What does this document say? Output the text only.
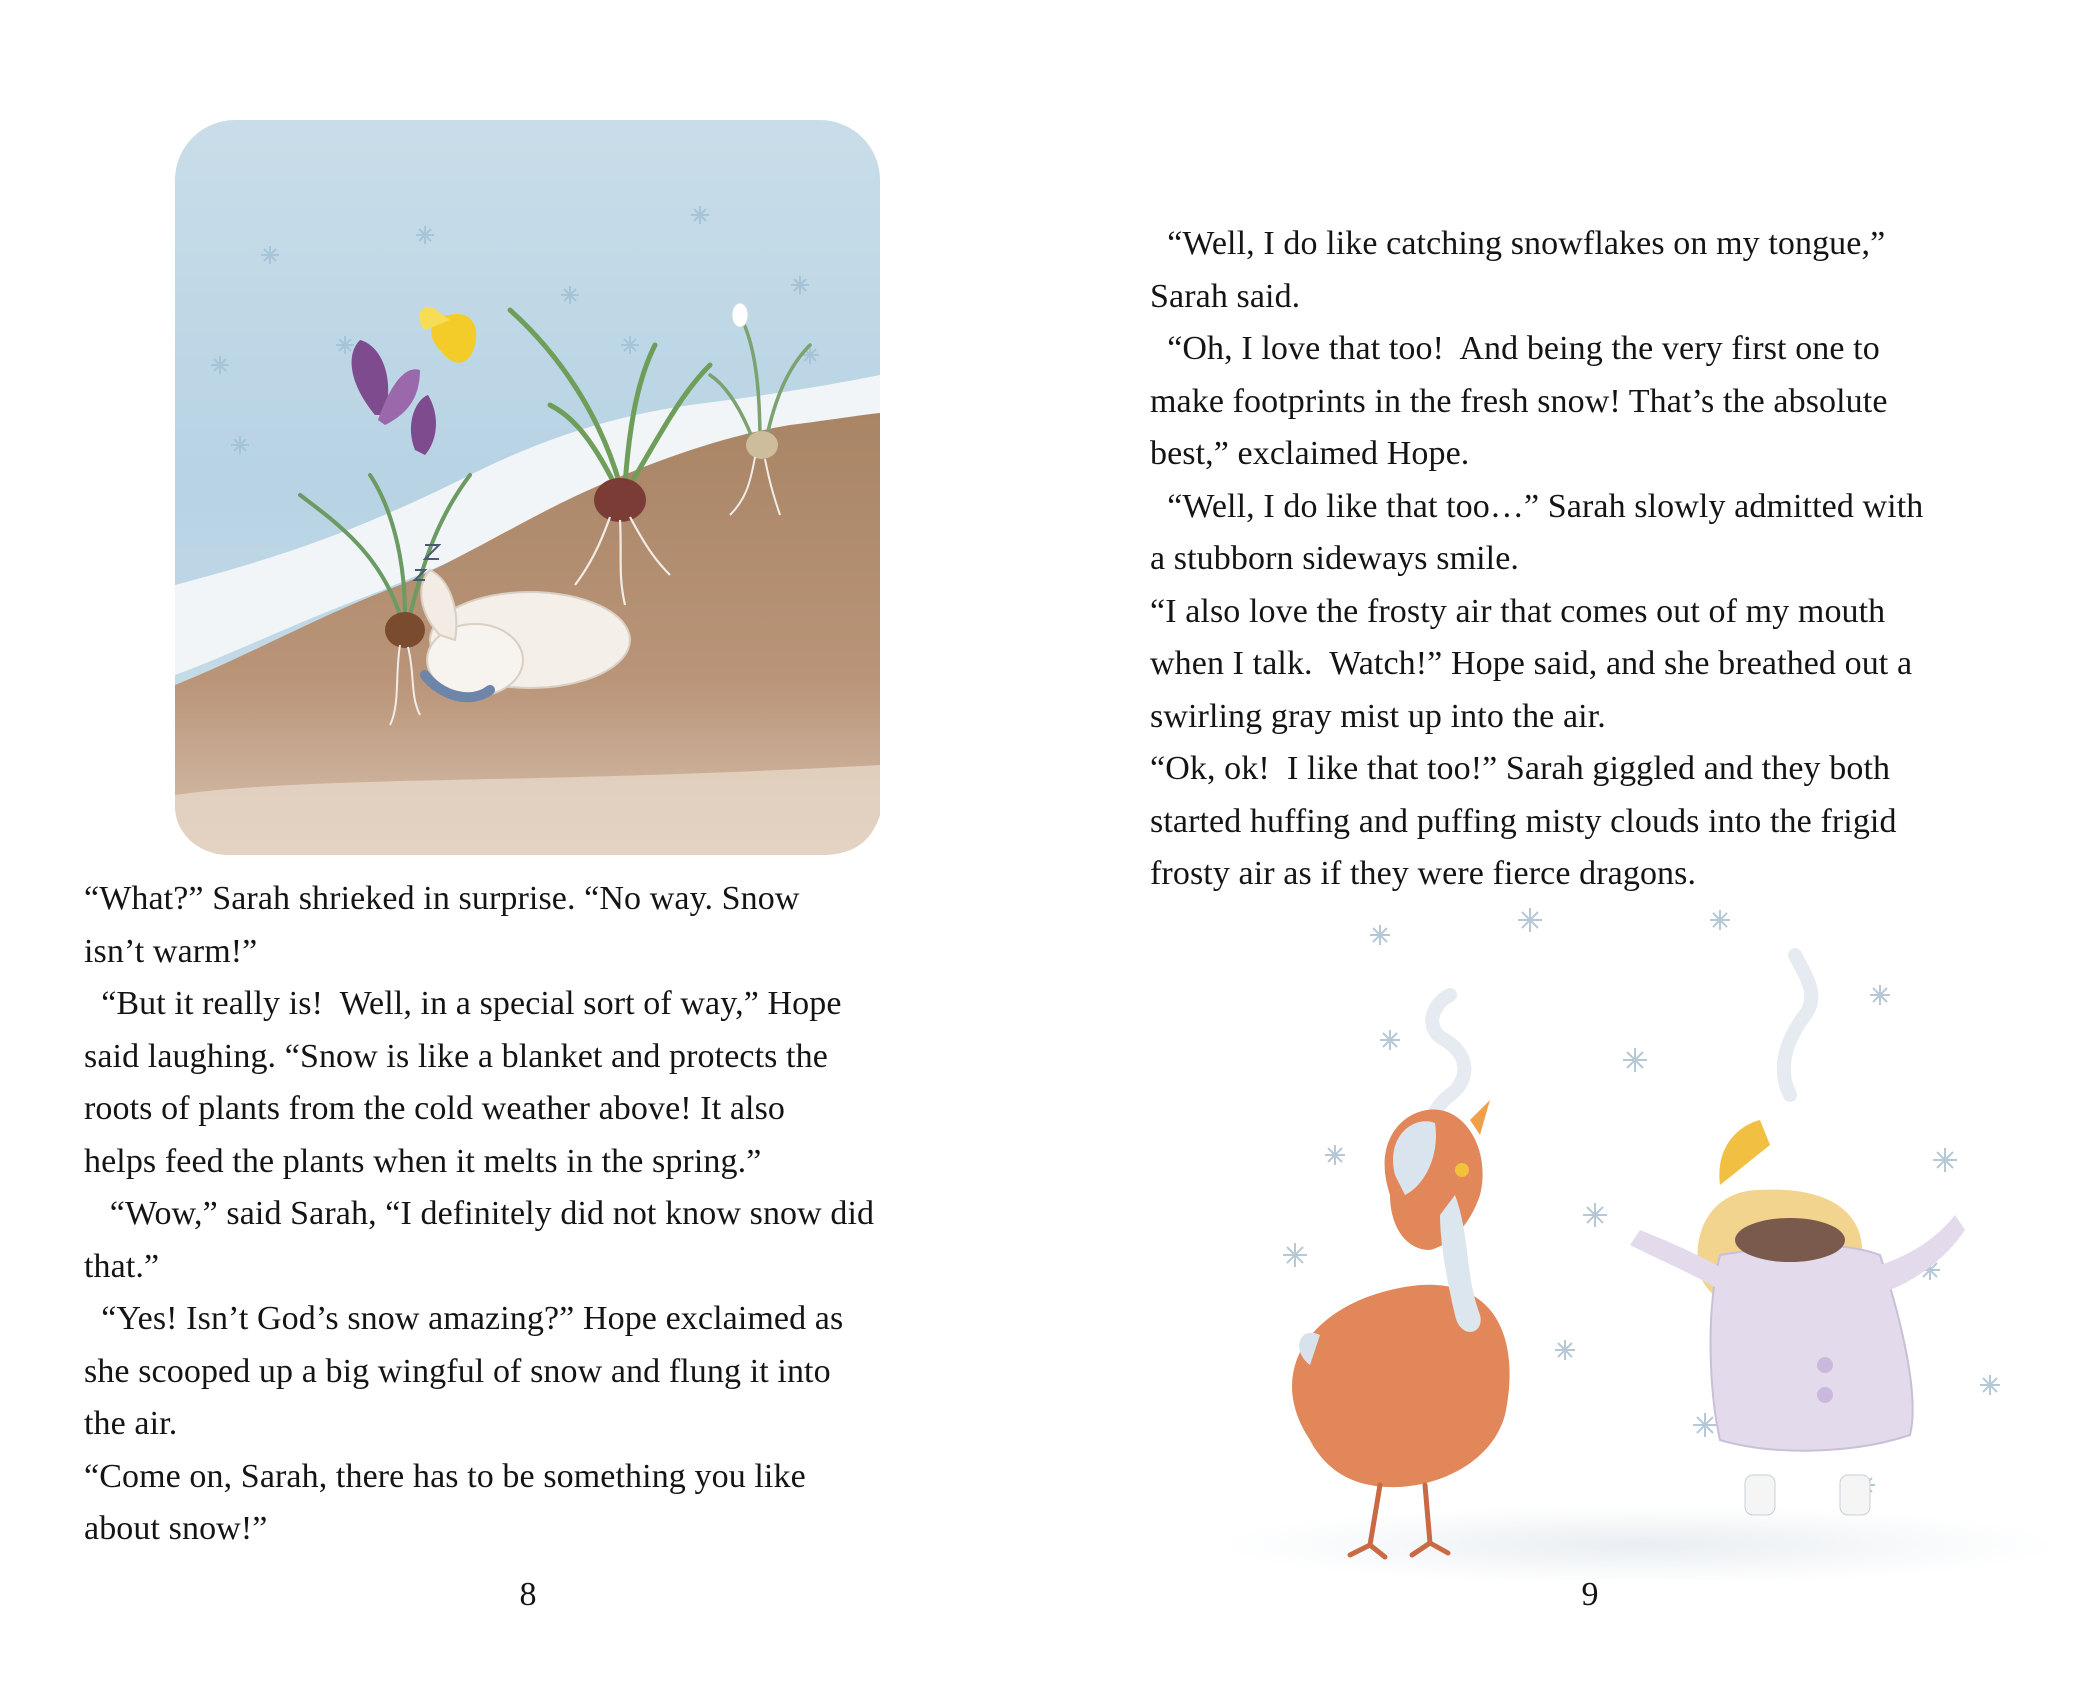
“What?” Sarah shrieked in surprise. “No way. Snow

isn’t warm!”

“But it really is!  Well, in a special sort of way,” Hope

said laughing. “Snow is like a blanket and protects the

roots of plants from the cold weather above! It also

helps feed the plants when it melts in the spring.”

“Wow,” said Sarah, “I definitely did not know snow did

that.”

“Yes! Isn’t God’s snow amazing?” Hope exclaimed as

she scooped up a big wingful of snow and flung it into

the air.

“Come on, Sarah, there has to be something you like

about snow!”

8

“Well, I do like catching snowflakes on my tongue,”

Sarah said.

“Oh, I love that too!  And being the very first one to

make footprints in the fresh snow! That’s the absolute

best,” exclaimed Hope.

“Well, I do like that too…” Sarah slowly admitted with

a stubborn sideways smile.

“I also love the frosty air that comes out of my mouth

when I talk.  Watch!” Hope said, and she breathed out a

swirling gray mist up into the air.

“Ok, ok!  I like that too!” Sarah giggled and they both

started huffing and puffing misty clouds into the frigid

frosty air as if they were fierce dragons.

9
